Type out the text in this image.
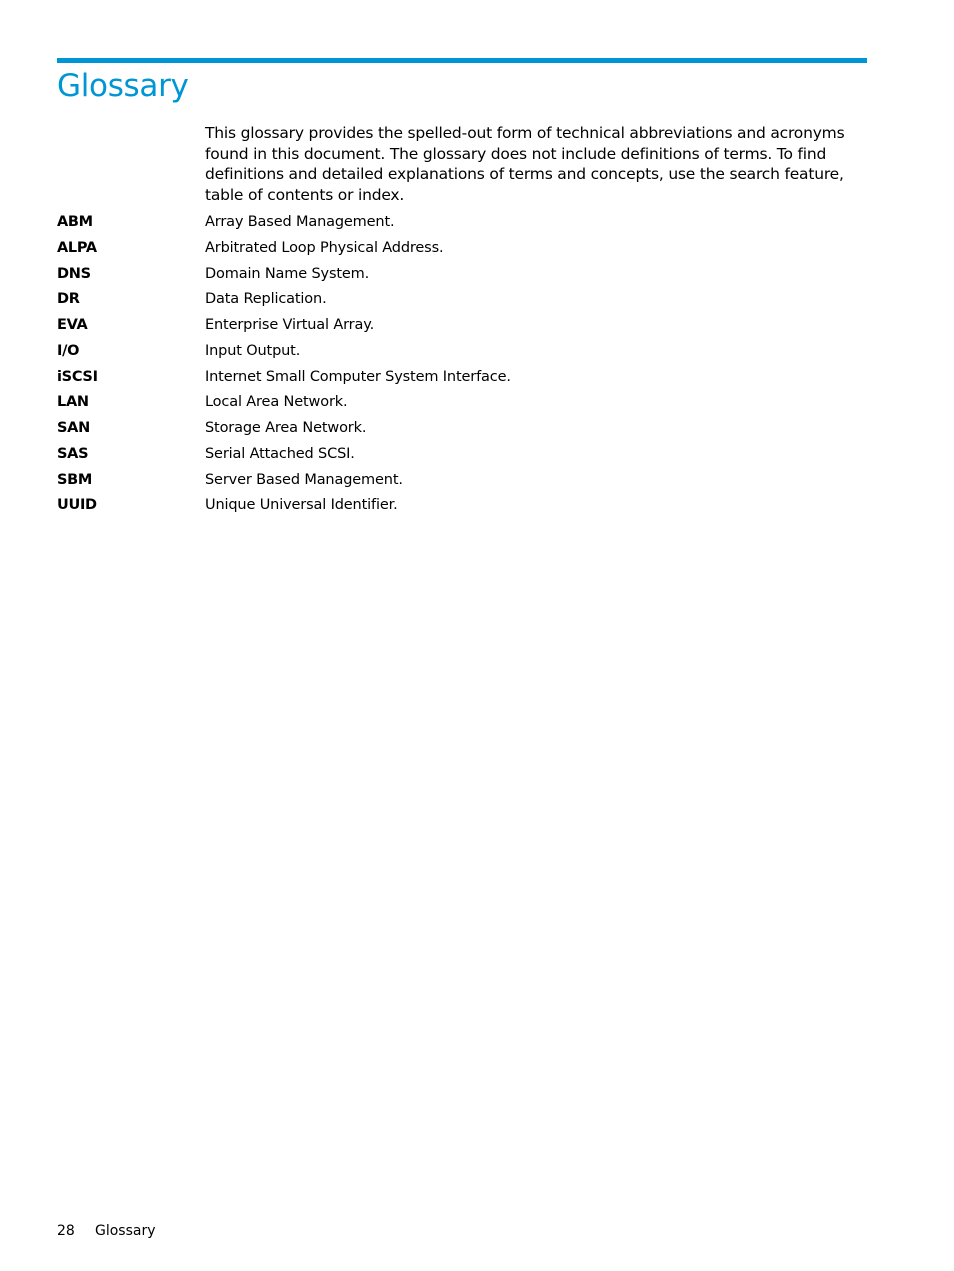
Glossary

This glossary provides the spelled-out form of technical abbreviations and acronyms found in this document. The glossary does not include definitions of terms. To find definitions and detailed explanations of terms and concepts, use the search feature, table of contents or index.

ABM	Array Based Management.
ALPA	Arbitrated Loop Physical Address.
DNS	Domain Name System.
DR	Data Replication.
EVA	Enterprise Virtual Array.
I/O	Input Output.
iSCSI	Internet Small Computer System Interface.
LAN	Local Area Network.
SAN	Storage Area Network.
SAS	Serial Attached SCSI.
SBM	Server Based Management.
UUID	Unique Universal Identifier.
28 Glossary
